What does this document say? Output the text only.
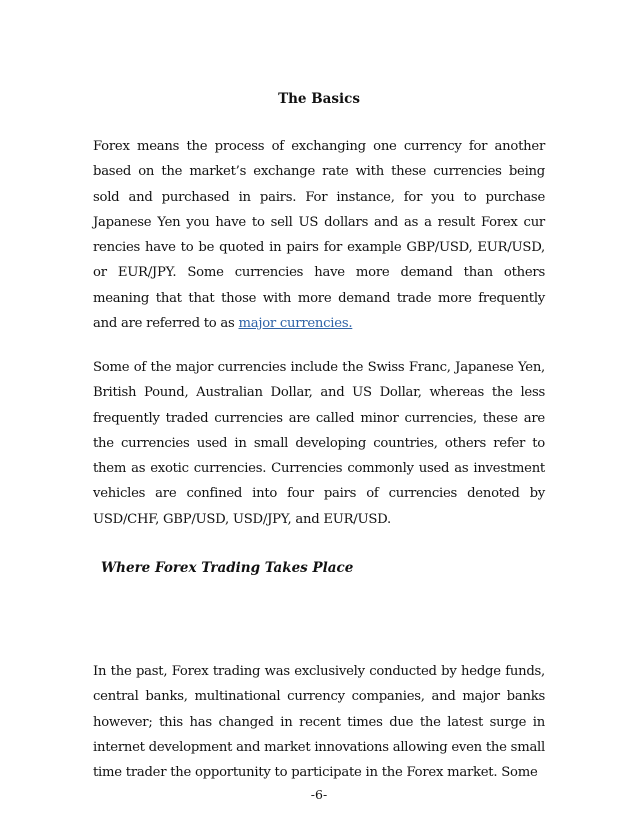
The Basics

Forex means the process of exchanging one currency for another based on the market’s exchange rate with these currencies being sold and purchased in pairs. For instance, for you to purchase Japanese Yen you have to sell US dollars and as a result Forex cur rencies have to be quoted in pairs for example GBP/USD, EUR/USD, or EUR/JPY. Some currencies have more demand than others meaning that that those with more demand trade more frequently and are referred to as major currencies.

Some of the major currencies include the Swiss Franc, Japanese Yen, British Pound, Australian Dollar, and US Dollar, whereas the less frequently traded currencies are called minor currencies, these are the currencies used in small developing countries, others refer to them as exotic currencies. Currencies commonly used as investment vehicles are confined into four pairs of currencies denoted by USD/CHF, GBP/USD, USD/JPY, and EUR/USD.

Where Forex Trading Takes Place

In the past, Forex trading was exclusively conducted by hedge funds, central banks, multinational currency companies, and major banks however; this has changed in recent times due the latest surge in internet development and market innovations allowing even the small time trader the opportunity to participate in the Forex market. Some

-6-
